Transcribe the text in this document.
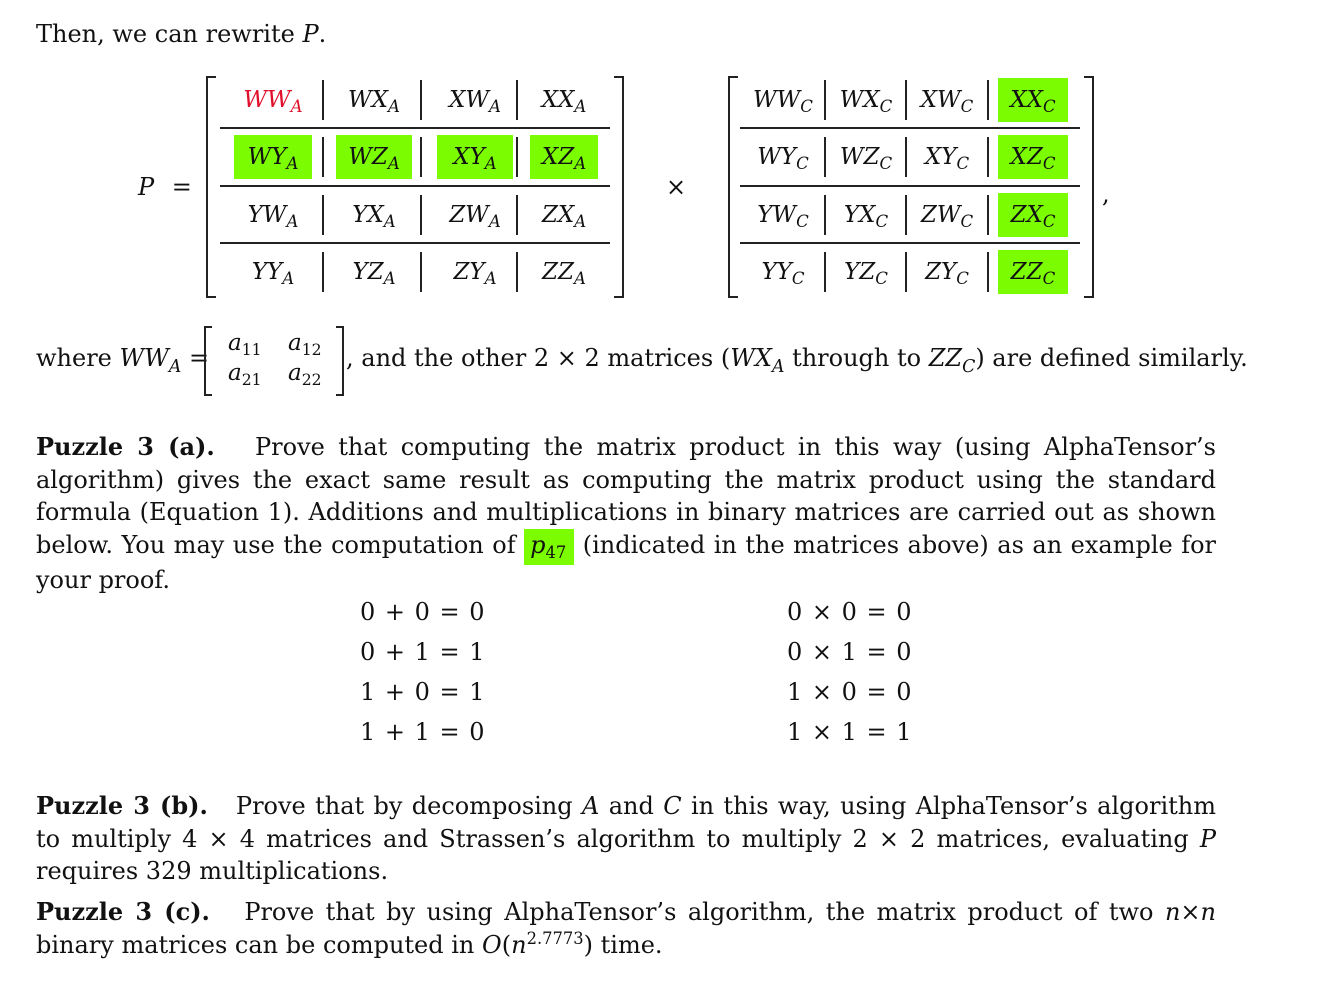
Then, we can rewrite P.
P =
$WW_A$	$WX_A$	$XW_A$	$XX_A$
$WY_A$	$WZ_A$	$XY_A$	$XZ_A$
$YW_A$	$YX_A$	$ZW_A$	$ZX_A$
$YY_A$	$YZ_A$	$ZY_A$	$ZZ_A$
×
$WW_C$	$WX_C$	$XW_C$	$XX_C$
$WY_C$	$WZ_C$	$XY_C$	$XZ_C$
$YW_C$	$YX_C$	$ZW_C$	$ZX_C$
$YY_C$	$YZ_C$	$ZY_C$	$ZZ_C$
,
where $WW_A$ =
$a_{11}$ $a_{12}$
$a_{21}$ $a_{22}$
, and the other 2 × 2 matrices ($WX_A$ through to $ZZ_C$) are defined similarly.
Puzzle 3 (a). Prove that computing the matrix product in this way (using AlphaTensor’s algorithm) gives the exact same result as computing the matrix product using the standard formula (Equation 1). Additions and multiplications in binary matrices are carried out as shown below. You may use the computation of $p_{47}$ (indicated in the matrices above) as an example for your proof.
0 + 0 = 0
0 + 1 = 1
1 + 0 = 1
1 + 1 = 0
0 × 0 = 0
0 × 1 = 0
1 × 0 = 0
1 × 1 = 1
Puzzle 3 (b). Prove that by decomposing A and C in this way, using AlphaTensor’s algorithm to multiply 4 × 4 matrices and Strassen’s algorithm to multiply 2 × 2 matrices, evaluating P requires 329 multiplications.
Puzzle 3 (c). Prove that by using AlphaTensor’s algorithm, the matrix product of two n×n binary matrices can be computed in $O(n^{2.7773})$ time.
